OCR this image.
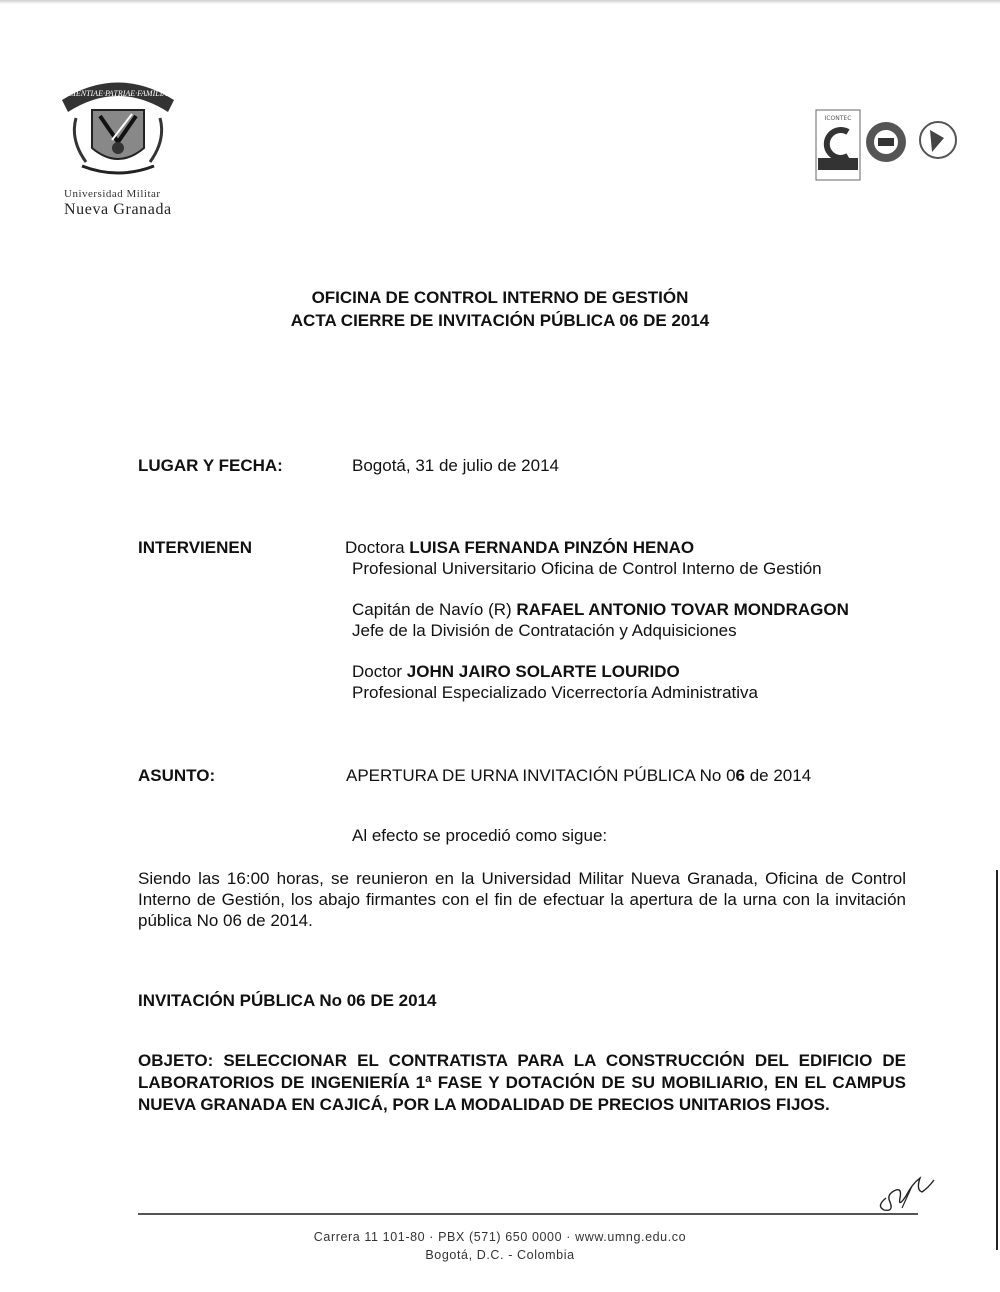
SCIENTIAE·PATRIAE·FAMILIAE
Universidad Militar
Nueva Granada
ICONTEC
OFICINA DE CONTROL INTERNO DE GESTIÓN
ACTA CIERRE DE INVITACIÓN PÚBLICA 06 DE 2014
LUGAR Y FECHA:	Bogotá, 31 de julio de 2014
INTERVIENEN	Doctora LUISA FERNANDA PINZÓN HENAO
Profesional Universitario Oficina de Control Interno de Gestión
Capitán de Navío (R) RAFAEL ANTONIO TOVAR MONDRAGON
Jefe de la División de Contratación y Adquisiciones
Doctor JOHN JAIRO SOLARTE LOURIDO
Profesional Especializado Vicerrectoría Administrativa
ASUNTO:	APERTURA DE URNA INVITACIÓN PÚBLICA No 06 de 2014
Al efecto se procedió como sigue:
Siendo las 16:00 horas, se reunieron en la Universidad Militar Nueva Granada, Oficina de Control Interno de Gestión, los abajo firmantes con el fin de efectuar la apertura de la urna con la invitación pública No 06 de 2014.
INVITACIÓN PÚBLICA No 06 DE 2014
OBJETO: SELECCIONAR EL CONTRATISTA PARA LA CONSTRUCCIÓN DEL EDIFICIO DE LABORATORIOS DE INGENIERÍA 1ª FASE Y DOTACIÓN DE SU MOBILIARIO, EN EL CAMPUS NUEVA GRANADA EN CAJICÁ, POR LA MODALIDAD DE PRECIOS UNITARIOS FIJOS.
Carrera 11 101-80 · PBX (571) 650 0000 · www.umng.edu.co
Bogotá, D.C. - Colombia
